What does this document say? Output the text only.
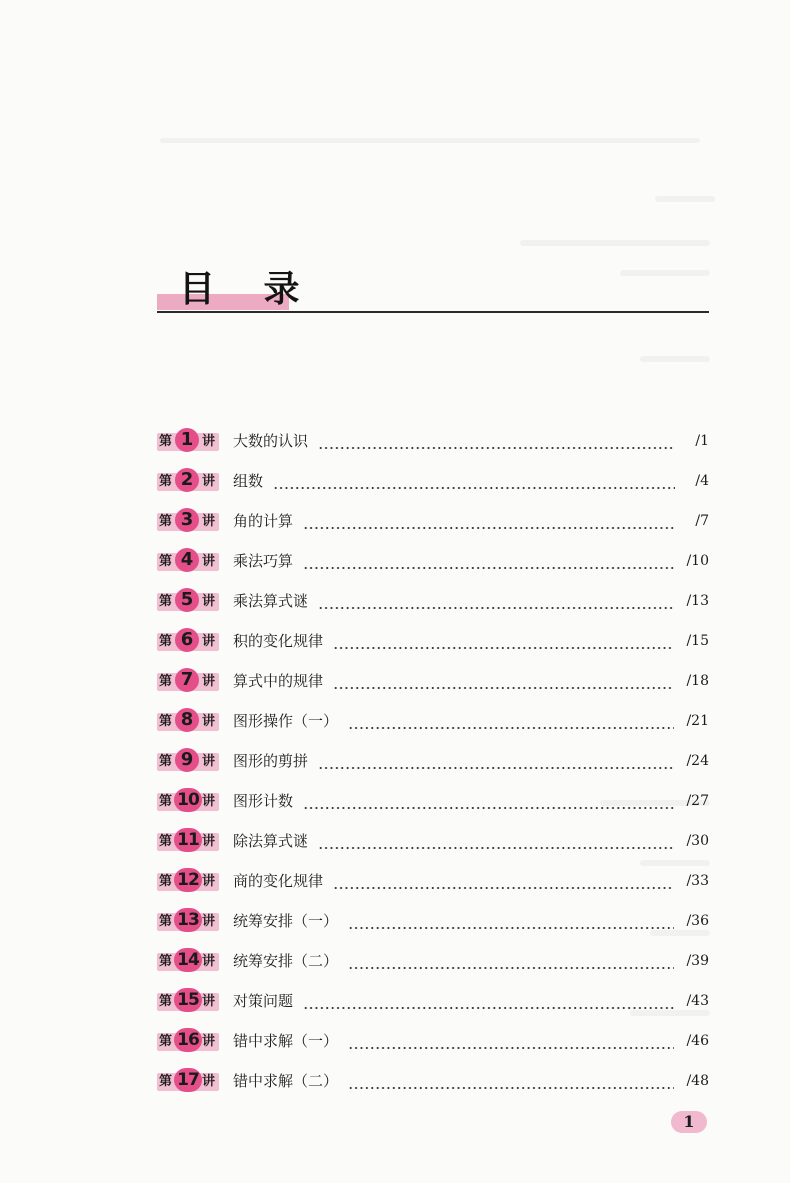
目 录
第 1 讲 大数的认识	/1
第 2 讲 组数	/4
第 3 讲 角的计算	/7
第 4 讲 乘法巧算	/10
第 5 讲 乘法算式谜	/13
第 6 讲 积的变化规律	/15
第 7 讲 算式中的规律	/18
第 8 讲 图形操作（一）	/21
第 9 讲 图形的剪拼	/24
第 10 讲 图形计数	/27
第 11 讲 除法算式谜	/30
第 12 讲 商的变化规律	/33
第 13 讲 统筹安排（一）	/36
第 14 讲 统筹安排（二）	/39
第 15 讲 对策问题	/43
第 16 讲 错中求解（一）	/46
第 17 讲 错中求解（二）	/48
1
